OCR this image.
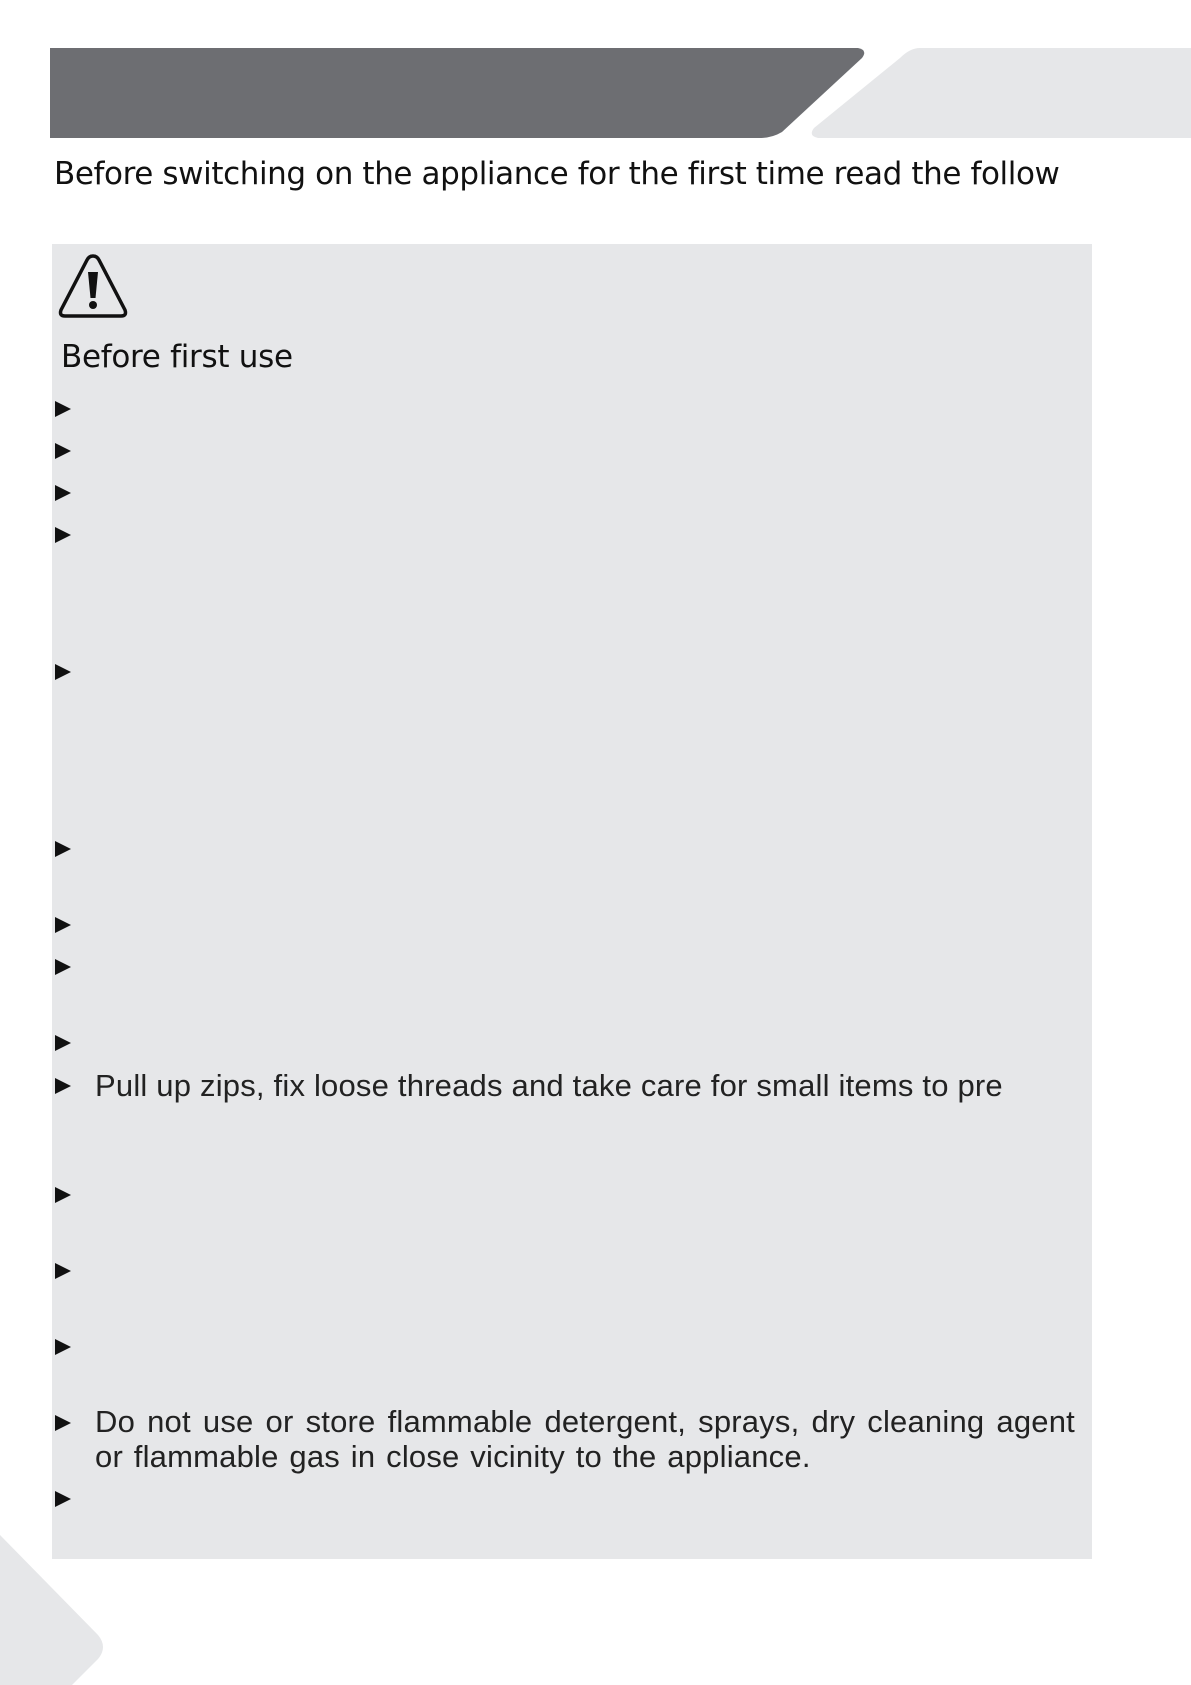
Before switching on the appliance for the first time read the follow
Before first use
Pull up zips, fix loose threads and take care for small items to pre
Do not use or store flammable detergent, sprays, dry cleaning agent or flammable gas in close vicinity to the appliance.
